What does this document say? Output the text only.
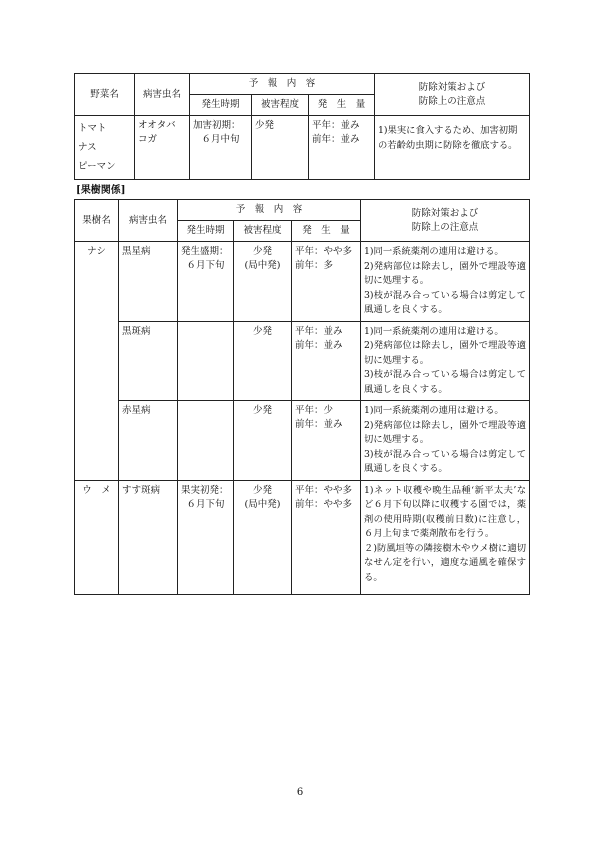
野菜名	病害虫名	予　報　内　容			防除対策および
防除上の注意点

		発生時期	被害程度	発　生　量	

トマト
ナス
ピーマン	オオタバ
コガ	加害初期：
６月中旬	少発	平年：並み
前年：並み	1)果実に食入するため、加害初期
の若齢幼虫期に防除を徹底する。
[果樹関係]
果樹名	病害虫名	予　報　内　容			防除対策および
防除上の注意点

		発生時期	被害程度	発　生　量	
ナシ	黒星病	発生盛期：
６月下旬	少発
(局中発)	平年：やや多
前年：多	1)同一系統薬剤の連用は避ける。
2)発病部位は除去し，園外で埋設等適切に処理する。
3)枝が混み合っている場合は剪定して風通しを良くする。

	黒斑病		少発	平年：並み
前年：並み	1)同一系統薬剤の連用は避ける。
2)発病部位は除去し，園外で埋設等適切に処理する。
3)枝が混み合っている場合は剪定して風通しを良くする。

	赤星病		少発	平年：少
前年：並み	1)同一系統薬剤の連用は避ける。
2)発病部位は除去し，園外で埋設等適切に処理する。
3)枝が混み合っている場合は剪定して風通しを良くする。

ウ　メ	すす斑病	果実初発：
６月下旬	少発
(局中発)	平年：やや多
前年：やや多	1)ネット収穫や晩生品種‘新平太夫’など６月下旬以降に収穫する園では，薬剤の使用時期(収穫前日数)に注意し，６月上旬まで薬剤散布を行う。
２)防風垣等の隣接樹木やウメ樹に適切なせん定を行い，適度な通風を確保する。
6
